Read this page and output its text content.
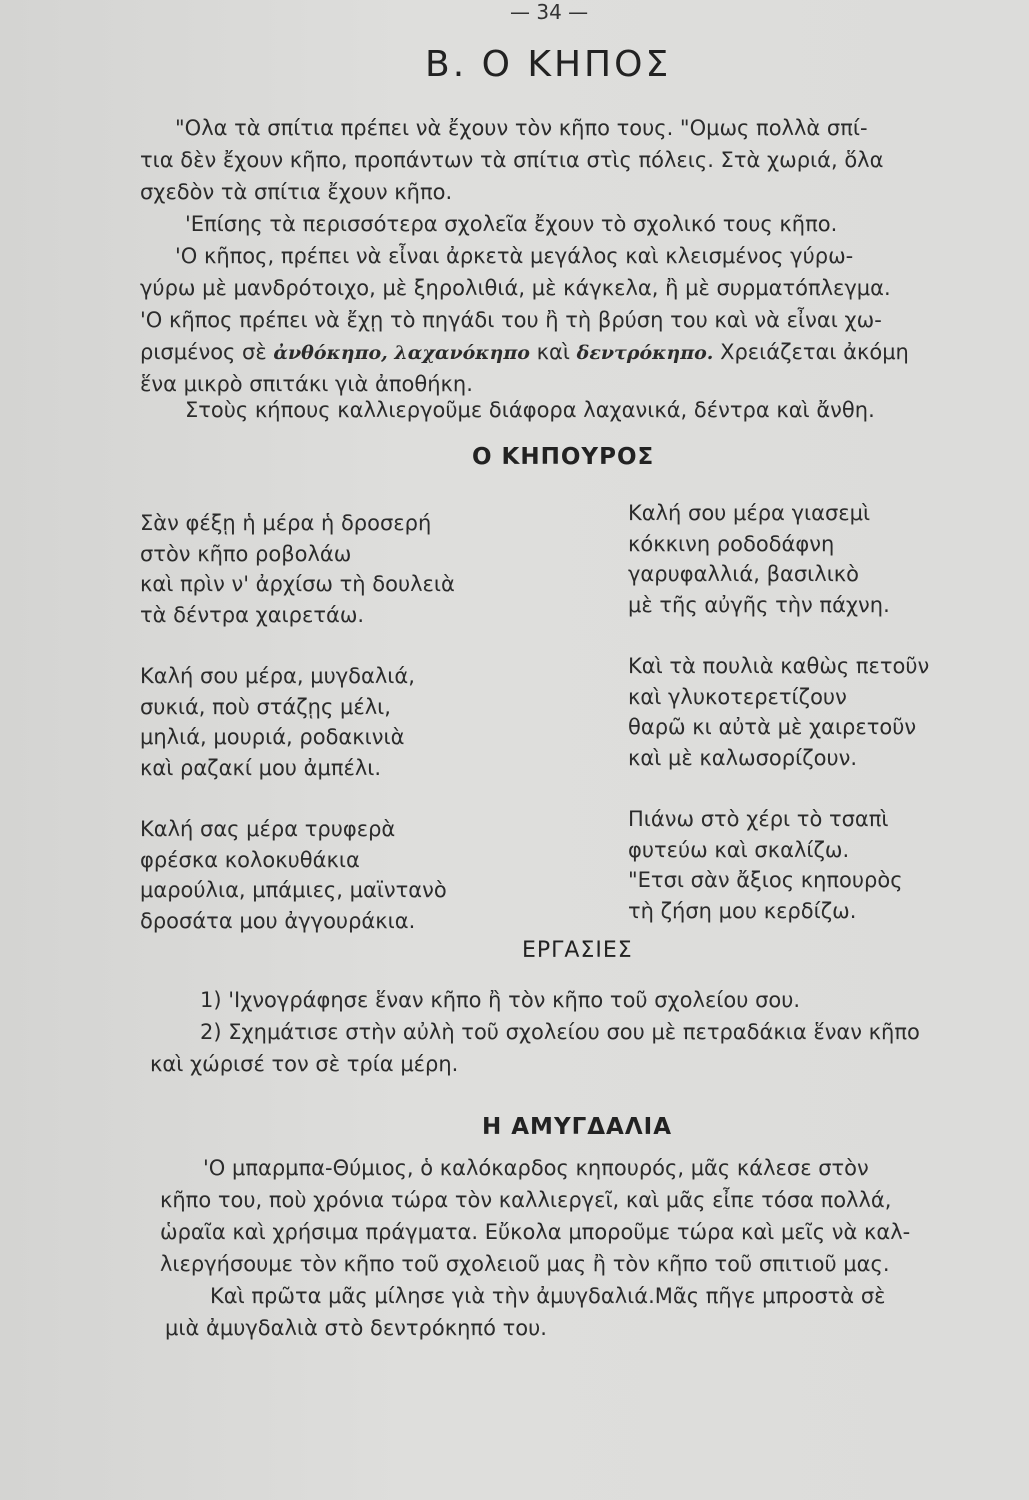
— 34 —
Β. Ο ΚΗΠΟΣ
"Ολα τὰ σπίτια πρέπει νὰ ἔχουν τὸν κῆπο τους. "Ομως πολλὰ σπί-
τια δὲν ἔχουν κῆπο, προπάντων τὰ σπίτια στὶς πόλεις. Στὰ χωριά, ὅλα
σχεδὸν τὰ σπίτια ἔχουν κῆπο.
'Επίσης τὰ περισσότερα σχολεῖα ἔχουν τὸ σχολικό τους κῆπο.
'Ο κῆπος, πρέπει νὰ εἶναι ἀρκετὰ μεγάλος καὶ κλεισμένος γύρω-
γύρω μὲ μανδρότοιχο, μὲ ξηρολιθιά, μὲ κάγκελα, ἢ μὲ συρματόπλεγμα.
'Ο κῆπος πρέπει νὰ ἔχῃ τὸ πηγάδι του ἢ τὴ βρύση του καὶ νὰ εἶναι χω-
ρισμένος σὲ ἀνθόκηπο, λαχανόκηπο καὶ δεντρόκηπο. Χρειάζεται ἀκόμη
ἕνα μικρὸ σπιτάκι γιὰ ἀποθήκη.
Στοὺς κήπους καλλιεργοῦμε διάφορα λαχανικά, δέντρα καὶ ἄνθη.
Ο ΚΗΠΟΥΡΟΣ
Σὰν φέξῃ ἡ μέρα ἡ δροσερή
στὸν κῆπο ροβολάω
καὶ πρὶν ν' ἀρχίσω τὴ δουλειὰ
τὰ δέντρα χαιρετάω.
Καλή σου μέρα, μυγδαλιά,
συκιά, ποὺ στάζῃς μέλι,
μηλιά, μουριά, ροδακινιὰ
καὶ ραζακί μου ἀμπέλι.
Καλή σας μέρα τρυφερὰ
φρέσκα κολοκυθάκια
μαρούλια, μπάμιες, μαϊντανὸ
δροσάτα μου ἀγγουράκια.
Καλή σου μέρα γιασεμὶ
κόκκινη ροδοδάφνη
γαρυφαλλιά, βασιλικὸ
μὲ τῆς αὐγῆς τὴν πάχνη.
Καὶ τὰ πουλιὰ καθὼς πετοῦν
καὶ γλυκοτερετίζουν
θαρῶ κι αὐτὰ μὲ χαιρετοῦν
καὶ μὲ καλωσορίζουν.
Πιάνω στὸ χέρι τὸ τσαπὶ
φυτεύω καὶ σκαλίζω.
"Ετσι σὰν ἄξιος κηπουρὸς
τὴ ζήση μου κερδίζω.
ΕΡΓΑΣΙΕΣ
1) 'Ιχνογράφησε ἕναν κῆπο ἢ τὸν κῆπο τοῦ σχολείου σου.
2) Σχημάτισε στὴν αὐλὴ τοῦ σχολείου σου μὲ πετραδάκια ἕναν κῆπο
καὶ χώρισέ τον σὲ τρία μέρη.
Η ΑΜΥΓΔΑΛΙΑ
'Ο μπαρμπα-Θύμιος, ὁ καλόκαρδος κηπουρός, μᾶς κάλεσε στὸν
κῆπο του, ποὺ χρόνια τώρα τὸν καλλιεργεῖ, καὶ μᾶς εἶπε τόσα πολλά,
ὡραῖα καὶ χρήσιμα πράγματα. Εὔκολα μποροῦμε τώρα καὶ μεῖς νὰ καλ-
λιεργήσουμε τὸν κῆπο τοῦ σχολειοῦ μας ἢ τὸν κῆπο τοῦ σπιτιοῦ μας.
Καὶ πρῶτα μᾶς μίλησε γιὰ τὴν ἀμυγδαλιά.Μᾶς πῆγε μπροστὰ σὲ
μιὰ ἀμυγδαλιὰ στὸ δεντρόκηπό του.
